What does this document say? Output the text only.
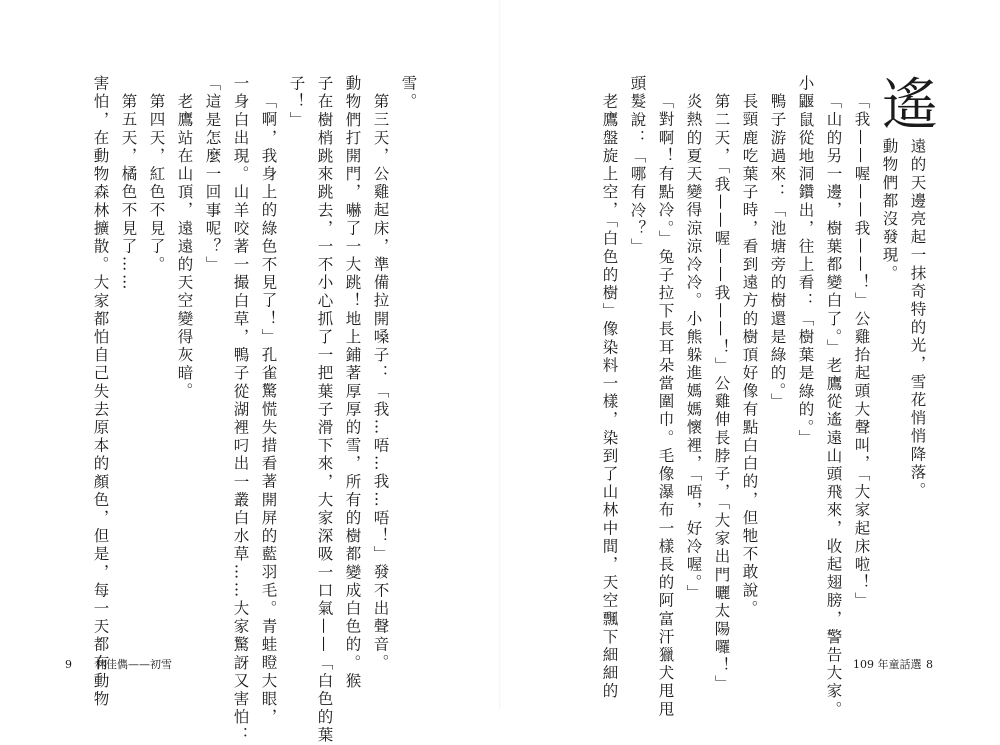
遙
遠的天邊亮起一抹奇特的光，雪花悄悄降落。
動物們都沒發現。
「我——喔——我——！」公雞抬起頭大聲叫，「大家起床啦！」
「山的另一邊，樹葉都變白了。」老鷹從遙遠山頭飛來，收起翅膀，警告大家。
小鼴鼠從地洞鑽出，往上看：「樹葉是綠的。」
鴨子游過來：「池塘旁的樹還是綠的。」
長頸鹿吃葉子時，看到遠方的樹頂好像有點白白的，但牠不敢說。
第二天，「我——喔——我——！」公雞伸長脖子，「大家出門曬太陽囉！」
炎熱的夏天變得涼涼冷冷。小熊躲進媽媽懷裡，「唔，好冷喔。」
「對啊！有點冷。」兔子拉下長耳朵當圍巾。毛像瀑布一樣長的阿富汗獵犬甩甩
頭髮說：「哪有冷？」
老鷹盤旋上空，「白色的樹」像染料一樣，染到了山林中間，天空飄下細細的	109 年童話選 8
雪。
第三天，公雞起床，準備拉開嗓子：「我…唔…我…唔！」發不出聲音。
動物們打開門，嚇了一大跳！地上鋪著厚厚的雪，所有的樹都變成白色的。猴
子在樹梢跳來跳去，一不小心抓了一把葉子滑下來，大家深吸一口氣——「白色的葉
子！」
「啊，我身上的綠色不見了！」孔雀驚慌失措看著開屏的藍羽毛。青蛙瞪大眼，
一身白出現。山羊咬著一撮白草，鴨子從湖裡叼出一叢白水草……大家驚訝又害怕：
「這是怎麼一回事呢？」
老鷹站在山頂，遠遠的天空變得灰暗。
第四天，紅色不見了。
第五天，橘色不見了……
害怕，在動物森林擴散。大家都怕自己失去原本的顏色，但是，每一天都有動物
9 林佳儁——初雪
